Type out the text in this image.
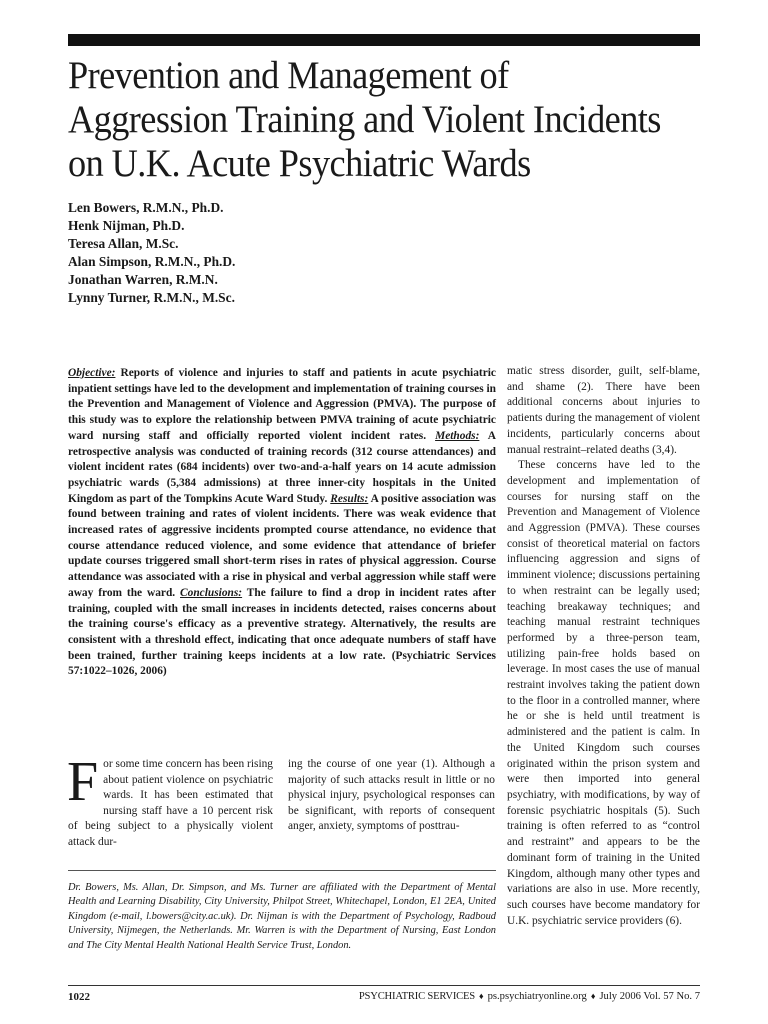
Prevention and Management of
Aggression Training and Violent Incidents
on U.K. Acute Psychiatric Wards
Len Bowers, R.M.N., Ph.D.
Henk Nijman, Ph.D.
Teresa Allan, M.Sc.
Alan Simpson, R.M.N., Ph.D.
Jonathan Warren, R.M.N.
Lynny Turner, R.M.N., M.Sc.

Objective: Reports of violence and injuries to staff and patients in acute psychiatric inpatient settings have led to the development and implementation of training courses in the Prevention and Management of Violence and Aggression (PMVA). The purpose of this study was to explore the relationship between PMVA training of acute psychiatric ward nursing staff and officially reported violent incident rates. Methods: A retrospective analysis was conducted of training records (312 course attendances) and violent incident rates (684 incidents) over two-and-a-half years on 14 acute admission psychiatric wards (5,384 admissions) at three inner-city hospitals in the United Kingdom as part of the Tompkins Acute Ward Study. Results: A positive association was found between training and rates of violent incidents. There was weak evidence that increased rates of aggressive incidents prompted course attendance, no evidence that course attendance reduced violence, and some evidence that attendance of briefer update courses triggered small short-term rises in rates of physical aggression. Course attendance was associated with a rise in physical and verbal aggression while staff were away from the ward. Conclusions: The failure to find a drop in incident rates after training, coupled with the small increases in incidents detected, raises concerns about the training course's efficacy as a preventive strategy. Alternatively, the results are consistent with a threshold effect, indicating that once adequate numbers of staff have been trained, further training keeps incidents at a low rate. (Psychiatric Services 57:1022–1026, 2006)

matic stress disorder, guilt, self-blame, and shame (2). There have been additional concerns about injuries to patients during the management of violent incidents, particularly concerns about manual restraint–related deaths (3,4).

These concerns have led to the development and implementation of courses for nursing staff on the Prevention and Management of Violence and Aggression (PMVA). These courses consist of theoretical material on factors influencing aggression and signs of imminent violence; discussions pertaining to when restraint can be legally used; teaching breakaway techniques; and teaching manual restraint techniques performed by a three-person team, utilizing pain-free holds based on leverage. In most cases the use of manual restraint involves taking the patient down to the floor in a controlled manner, where he or she is held until treatment is administered and the patient is calm. In the United Kingdom such courses originated within the prison system and were then imported into general psychiatry, with modifications, by way of forensic psychiatric hospitals (5). Such training is often referred to as “control and restraint” and appears to be the dominant form of training in the United Kingdom, although many other types and variations are also in use. More recently, such courses have become mandatory for U.K. psychiatric service providers (6).

For some time concern has been rising about patient violence on psychiatric wards. It has been estimated that nursing staff have a 10 percent risk of being subject to a physically violent attack dur-

ing the course of one year (1). Although a majority of such attacks result in little or no physical injury, psychological responses can be significant, with reports of consequent anger, anxiety, symptoms of posttrau-

Dr. Bowers, Ms. Allan, Dr. Simpson, and Ms. Turner are affiliated with the Department of Mental Health and Learning Disability, City University, Philpot Street, Whitechapel, London, E1 2EA, United Kingdom (e-mail, l.bowers@city.ac.uk). Dr. Nijman is with the Department of Psychology, Radboud University, Nijmegen, the Netherlands. Mr. Warren is with the Department of Nursing, East London and The City Mental Health National Health Service Trust, London.

1022	PSYCHIATRIC SERVICES ♦ ps.psychiatryonline.org ♦ July 2006 Vol. 57 No. 7
